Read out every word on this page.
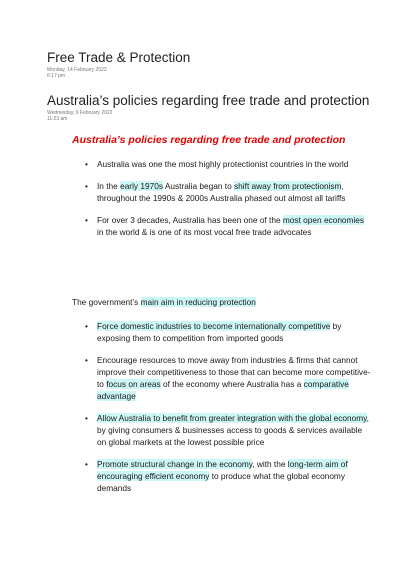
Free Trade & Protection
Monday, 14 February 2022
6:17 pm
Australia’s policies regarding free trade and protection
Wednesday, 9 February 2022
11:23 am
Australia’s policies regarding free trade and protection
• Australia was one the most highly protectionist countries in the world
• In the early 1970s Australia began to shift away from protectionism, throughout the 1990s & 2000s Australia phased out almost all tariffs
• For over 3 decades, Australia has been one of the most open economies in the world & is one of its most vocal free trade advocates
The government’s main aim in reducing protection
• Force domestic industries to become internationally competitive by exposing them to competition from imported goods
• Encourage resources to move away from industries & firms that cannot improve their competitiveness to those that can become more competitive- to focus on areas of the economy where Australia has a comparative advantage
• Allow Australia to benefit from greater integration with the global economy, by giving consumers & businesses access to goods & services available on global markets at the lowest possible price
• Promote structural change in the economy, with the long-term aim of encouraging efficient economy to produce what the global economy demands
